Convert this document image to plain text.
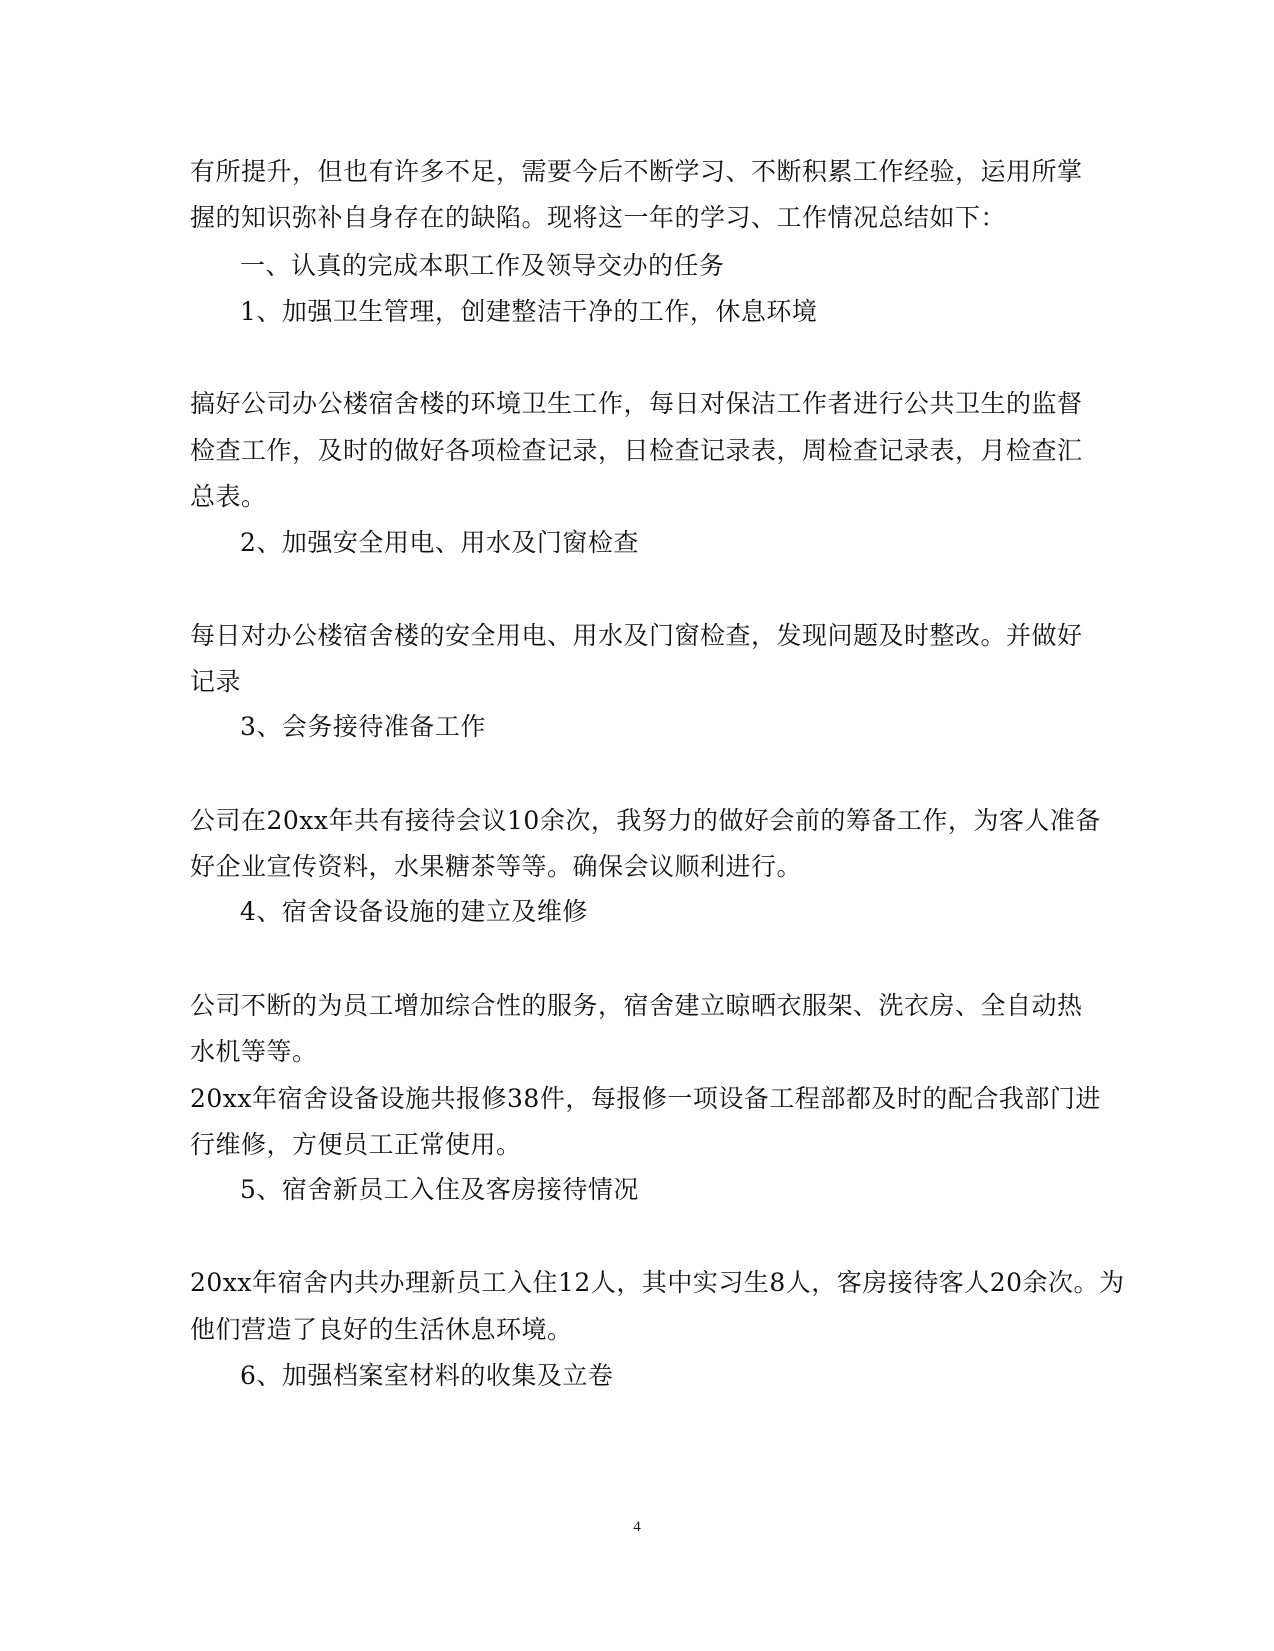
有所提升，但也有许多不足，需要今后不断学习、不断积累工作经验，运用所掌
握的知识弥补自身存在的缺陷。现将这一年的学习、工作情况总结如下：
一、认真的完成本职工作及领导交办的任务
1、加强卫生管理，创建整洁干净的工作，休息环境
搞好公司办公楼宿舍楼的环境卫生工作，每日对保洁工作者进行公共卫生的监督
检查工作，及时的做好各项检查记录，日检查记录表，周检查记录表，月检查汇
总表。
2、加强安全用电、用水及门窗检查
每日对办公楼宿舍楼的安全用电、用水及门窗检查，发现问题及时整改。并做好
记录
3、会务接待准备工作
公司在20xx年共有接待会议10余次，我努力的做好会前的筹备工作，为客人准备
好企业宣传资料，水果糖茶等等。确保会议顺利进行。
4、宿舍设备设施的建立及维修
公司不断的为员工增加综合性的服务，宿舍建立晾晒衣服架、洗衣房、全自动热
水机等等。
20xx年宿舍设备设施共报修38件，每报修一项设备工程部都及时的配合我部门进
行维修，方便员工正常使用。
5、宿舍新员工入住及客房接待情况
20xx年宿舍内共办理新员工入住12人，其中实习生8人，客房接待客人20余次。为
他们营造了良好的生活休息环境。
6、加强档案室材料的收集及立卷
4
